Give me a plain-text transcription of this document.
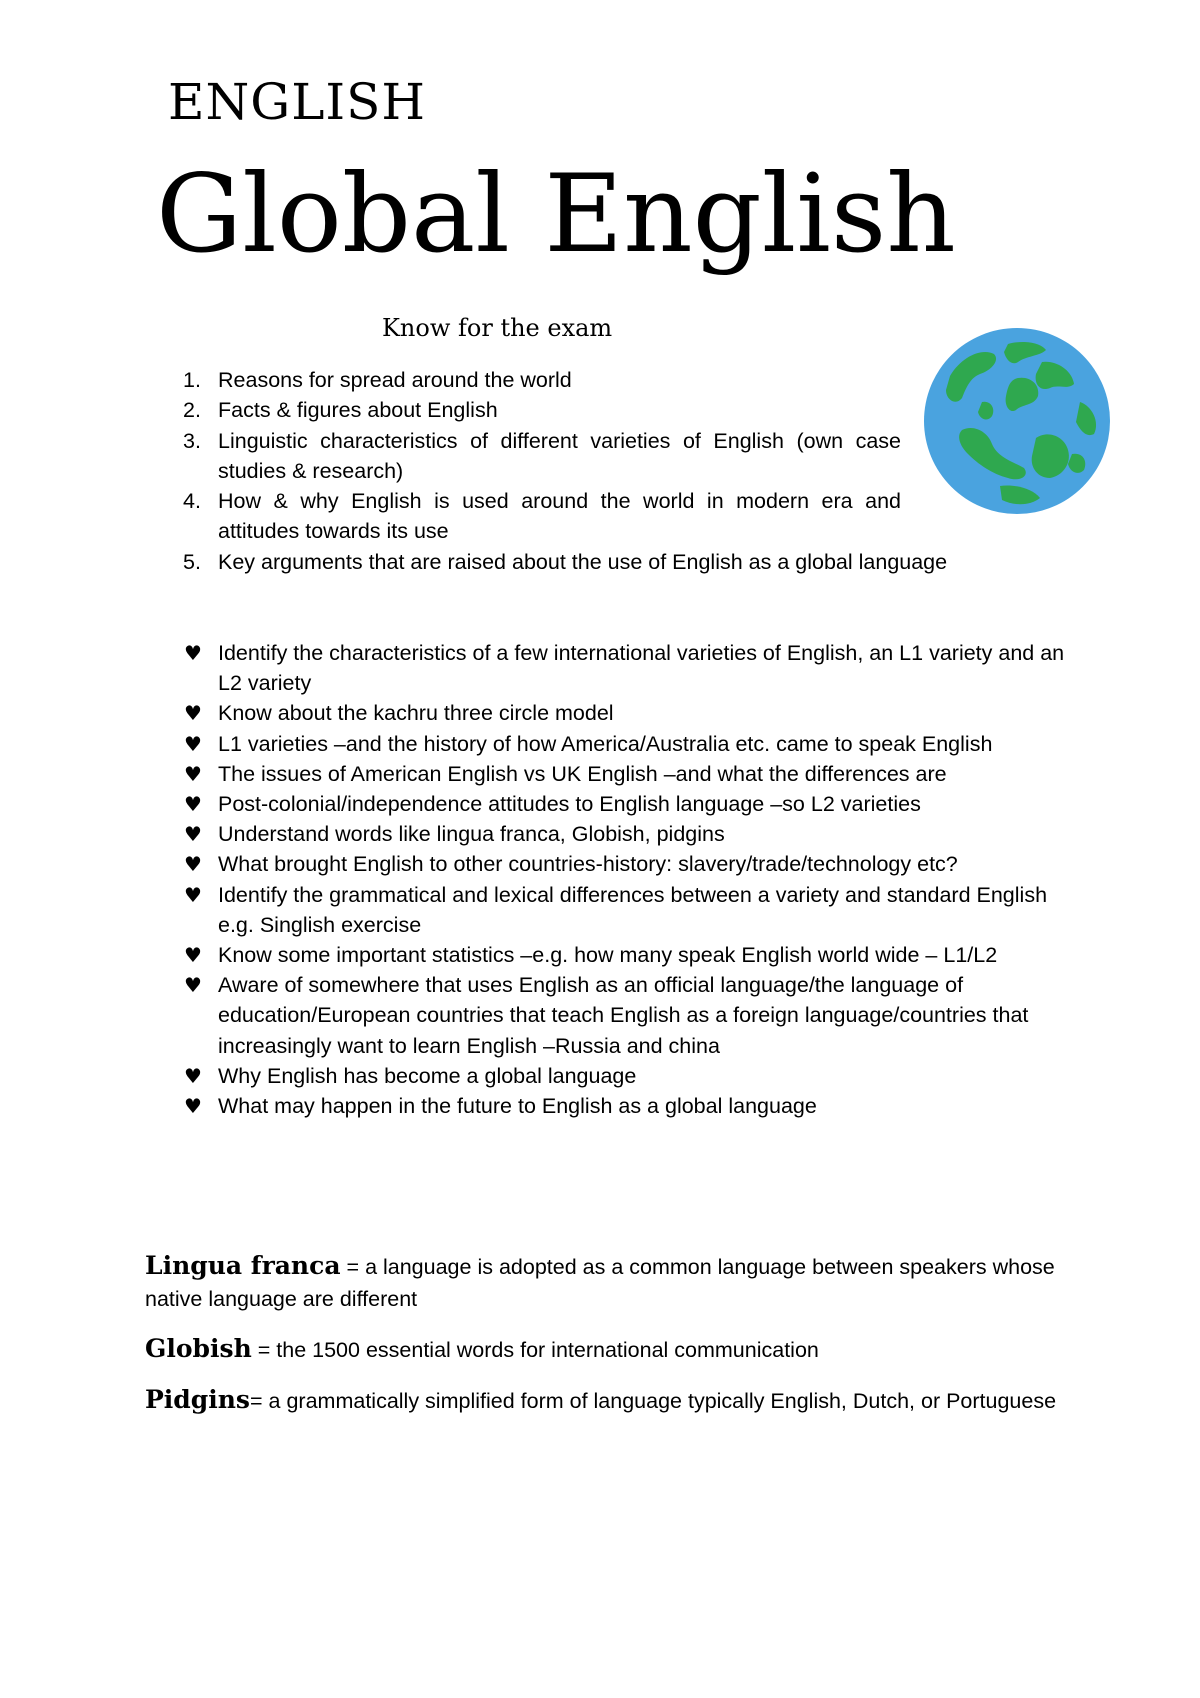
ENGLISH
Global English
Know for the exam
1. Reasons for spread around the world
2. Facts & figures about English
3. Linguistic characteristics of different varieties of English (own case studies & research)
4. How & why English is used around the world in modern era and attitudes towards its use
5. Key arguments that are raised about the use of English as a global language
♥ Identify the characteristics of a few international varieties of English, an L1 variety and an L2 variety
♥ Know about the kachru three circle model
♥ L1 varieties –and the history of how America/Australia etc. came to speak English
♥ The issues of American English vs UK English –and what the differences are
♥ Post-colonial/independence attitudes to English language –so L2 varieties
♥ Understand words like lingua franca, Globish, pidgins
♥ What brought English to other countries-history: slavery/trade/technology etc?
♥ Identify the grammatical and lexical differences between a variety and standard English e.g. Singlish exercise
♥ Know some important statistics –e.g. how many speak English world wide – L1/L2
♥ Aware of somewhere that uses English as an official language/the language of education/European countries that teach English as a foreign language/countries that increasingly want to learn English –Russia and china
♥ Why English has become a global language
♥ What may happen in the future to English as a global language

Lingua franca = a language is adopted as a common language between speakers whose native language are different

Globish = the 1500 essential words for international communication

Pidgins= a grammatically simplified form of language typically English, Dutch, or Portuguese
